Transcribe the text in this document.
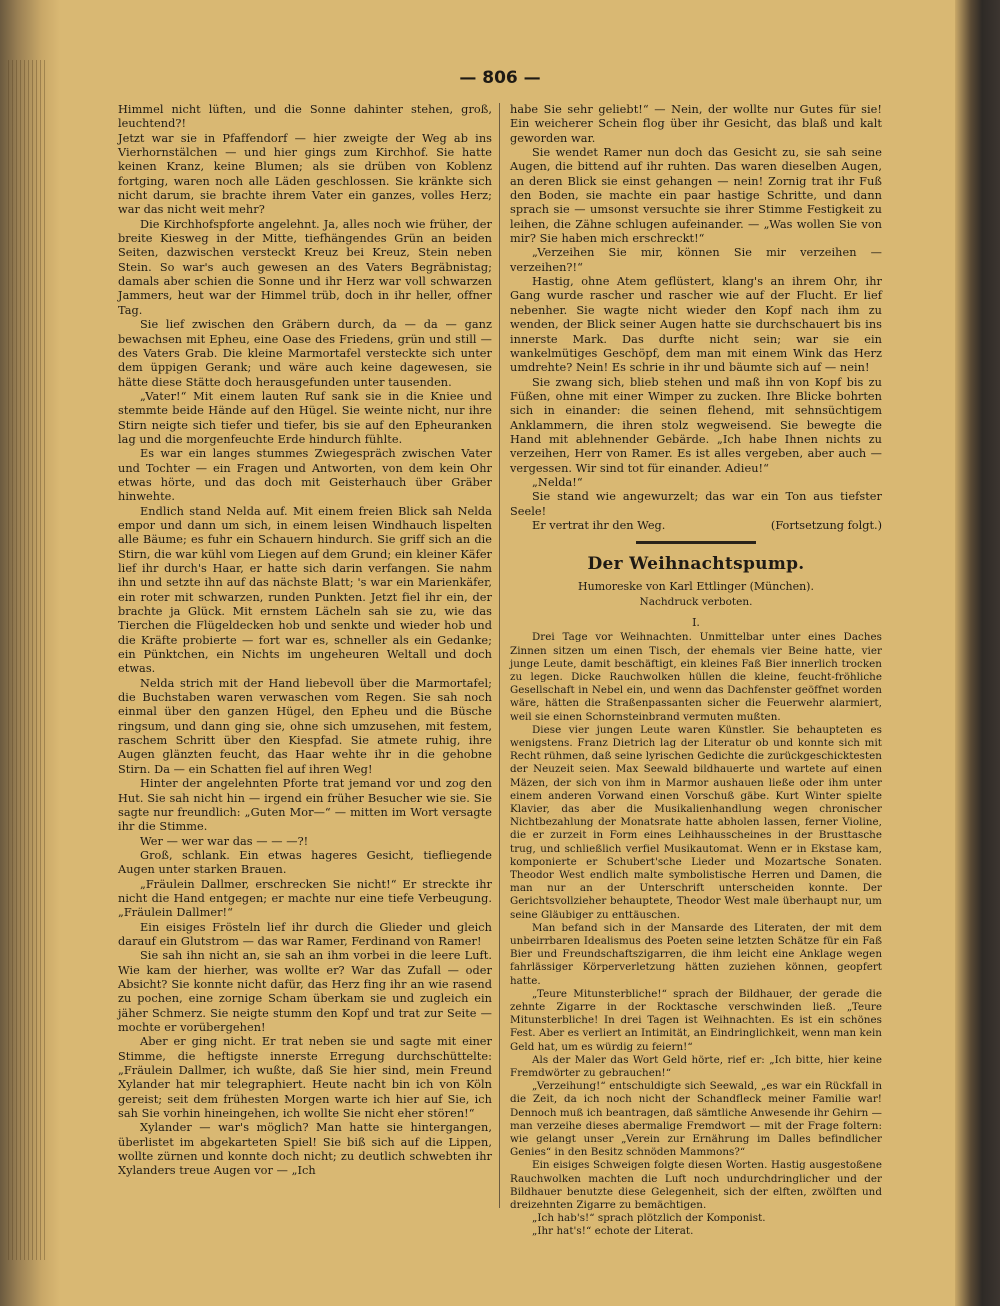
— 806 —

Himmel nicht lüften, und die Sonne dahinter stehen, groß, leuchtend?!

Jetzt war sie in Pfaffendorf — hier zweigte der Weg ab ins Vierhornstälchen — und hier gings zum Kirchhof. Sie hatte keinen Kranz, keine Blumen; als sie drüben von Koblenz fortging, waren noch alle Läden geschlossen. Sie kränkte sich nicht darum, sie brachte ihrem Vater ein ganzes, volles Herz; war das nicht weit mehr?

Die Kirchhofspforte angelehnt. Ja, alles noch wie früher, der breite Kiesweg in der Mitte, tiefhängendes Grün an beiden Seiten, dazwischen versteckt Kreuz bei Kreuz, Stein neben Stein. So war's auch gewesen an des Vaters Begräbnistag; damals aber schien die Sonne und ihr Herz war voll schwarzen Jammers, heut war der Himmel trüb, doch in ihr heller, offner Tag.

Sie lief zwischen den Gräbern durch, da — da — ganz bewachsen mit Epheu, eine Oase des Friedens, grün und still — des Vaters Grab. Die kleine Marmortafel versteckte sich unter dem üppigen Gerank; und wäre auch keine dagewesen, sie hätte diese Stätte doch herausgefunden unter tausenden.

„Vater!“ Mit einem lauten Ruf sank sie in die Kniee und stemmte beide Hände auf den Hügel. Sie weinte nicht, nur ihre Stirn neigte sich tiefer und tiefer, bis sie auf den Epheuranken lag und die morgenfeuchte Erde hindurch fühlte.

Es war ein langes stummes Zwiegespräch zwischen Vater und Tochter — ein Fragen und Antworten, von dem kein Ohr etwas hörte, und das doch mit Geisterhauch über Gräber hinwehte.

Endlich stand Nelda auf. Mit einem freien Blick sah Nelda empor und dann um sich, in einem leisen Windhauch lispelten alle Bäume; es fuhr ein Schauern hindurch. Sie griff sich an die Stirn, die war kühl vom Liegen auf dem Grund; ein kleiner Käfer lief ihr durch's Haar, er hatte sich darin verfangen. Sie nahm ihn und setzte ihn auf das nächste Blatt; 's war ein Marienkäfer, ein roter mit schwarzen, runden Punkten. Jetzt fiel ihr ein, der brachte ja Glück. Mit ernstem Lächeln sah sie zu, wie das Tierchen die Flügeldecken hob und senkte und wieder hob und die Kräfte probierte — fort war es, schneller als ein Gedanke; ein Pünktchen, ein Nichts im ungeheuren Weltall und doch etwas.

Nelda strich mit der Hand liebevoll über die Marmortafel; die Buchstaben waren verwaschen vom Regen. Sie sah noch einmal über den ganzen Hügel, den Epheu und die Büsche ringsum, und dann ging sie, ohne sich umzusehen, mit festem, raschem Schritt über den Kiespfad. Sie atmete ruhig, ihre Augen glänzten feucht, das Haar wehte ihr in die gehobne Stirn. Da — ein Schatten fiel auf ihren Weg!

Hinter der angelehnten Pforte trat jemand vor und zog den Hut. Sie sah nicht hin — irgend ein früher Besucher wie sie. Sie sagte nur freundlich: „Guten Mor—“ — mitten im Wort versagte ihr die Stimme.

Wer — wer war das — — —?!

Groß, schlank. Ein etwas hageres Gesicht, tiefliegende Augen unter starken Brauen.

„Fräulein Dallmer, erschrecken Sie nicht!“ Er streckte ihr nicht die Hand entgegen; er machte nur eine tiefe Verbeugung. „Fräulein Dallmer!“

Ein eisiges Frösteln lief ihr durch die Glieder und gleich darauf ein Glutstrom — das war Ramer, Ferdinand von Ramer!

Sie sah ihn nicht an, sie sah an ihm vorbei in die leere Luft. Wie kam der hierher, was wollte er? War das Zufall — oder Absicht? Sie konnte nicht dafür, das Herz fing ihr an wie rasend zu pochen, eine zornige Scham überkam sie und zugleich ein jäher Schmerz. Sie neigte stumm den Kopf und trat zur Seite — mochte er vorübergehen!

Aber er ging nicht. Er trat neben sie und sagte mit einer Stimme, die heftigste innerste Erregung durchschüttelte: „Fräulein Dallmer, ich wußte, daß Sie hier sind, mein Freund Xylander hat mir telegraphiert. Heute nacht bin ich von Köln gereist; seit dem frühesten Morgen warte ich hier auf Sie, ich sah Sie vorhin hineingehen, ich wollte Sie nicht eher stören!“

Xylander — war's möglich? Man hatte sie hintergangen, überlistet im abgekarteten Spiel! Sie biß sich auf die Lippen, wollte zürnen und konnte doch nicht; zu deutlich schwebten ihr Xylanders treue Augen vor — „Ich

habe Sie sehr geliebt!“ — Nein, der wollte nur Gutes für sie! Ein weicherer Schein flog über ihr Gesicht, das blaß und kalt geworden war.

Sie wendet Ramer nun doch das Gesicht zu, sie sah seine Augen, die bittend auf ihr ruhten. Das waren dieselben Augen, an deren Blick sie einst gehangen — nein! Zornig trat ihr Fuß den Boden, sie machte ein paar hastige Schritte, und dann sprach sie — umsonst versuchte sie ihrer Stimme Festigkeit zu leihen, die Zähne schlugen aufeinander. — „Was wollen Sie von mir? Sie haben mich erschreckt!“

„Verzeihen Sie mir, können Sie mir verzeihen — verzeihen?!“

Hastig, ohne Atem geflüstert, klang's an ihrem Ohr, ihr Gang wurde rascher und rascher wie auf der Flucht. Er lief nebenher. Sie wagte nicht wieder den Kopf nach ihm zu wenden, der Blick seiner Augen hatte sie durchschauert bis ins innerste Mark. Das durfte nicht sein; war sie ein wankelmütiges Geschöpf, dem man mit einem Wink das Herz umdrehte? Nein! Es schrie in ihr und bäumte sich auf — nein!

Sie zwang sich, blieb stehen und maß ihn von Kopf bis zu Füßen, ohne mit einer Wimper zu zucken. Ihre Blicke bohrten sich in einander: die seinen flehend, mit sehnsüchtigem Anklammern, die ihren stolz wegweisend. Sie bewegte die Hand mit ablehnender Gebärde. „Ich habe Ihnen nichts zu verzeihen, Herr von Ramer. Es ist alles vergeben, aber auch — vergessen. Wir sind tot für einander. Adieu!“

„Nelda!“

Sie stand wie angewurzelt; das war ein Ton aus tiefster Seele!

Er vertrat ihr den Weg.	(Fortsetzung folgt.)
Der Weihnachtspump.
Humoreske von Karl Ettlinger (München).
Nachdruck verboten.
I.

Drei Tage vor Weihnachten. Unmittelbar unter eines Daches Zinnen sitzen um einen Tisch, der ehemals vier Beine hatte, vier junge Leute, damit beschäftigt, ein kleines Faß Bier innerlich trocken zu legen. Dicke Rauchwolken hüllen die kleine, feucht-fröhliche Gesellschaft in Nebel ein, und wenn das Dachfenster geöffnet worden wäre, hätten die Straßenpassanten sicher die Feuerwehr alarmiert, weil sie einen Schornsteinbrand vermuten mußten.

Diese vier jungen Leute waren Künstler. Sie behaupteten es wenigstens. Franz Dietrich lag der Literatur ob und konnte sich mit Recht rühmen, daß seine lyrischen Gedichte die zurückgeschicktesten der Neuzeit seien. Max Seewald bildhauerte und wartete auf einen Mäzen, der sich von ihm in Marmor aushauen ließe oder ihm unter einem anderen Vorwand einen Vorschuß gäbe. Kurt Winter spielte Klavier, das aber die Musikalienhandlung wegen chronischer Nichtbezahlung der Monatsrate hatte abholen lassen, ferner Violine, die er zurzeit in Form eines Leihhausscheines in der Brusttasche trug, und schließlich verfiel Musikautomat. Wenn er in Ekstase kam, komponierte er Schubert'sche Lieder und Mozartsche Sonaten. Theodor West endlich malte symbolistische Herren und Damen, die man nur an der Unterschrift unterscheiden konnte. Der Gerichtsvollzieher behauptete, Theodor West male überhaupt nur, um seine Gläubiger zu enttäuschen.

Man befand sich in der Mansarde des Literaten, der mit dem unbeirrbaren Idealismus des Poeten seine letzten Schätze für ein Faß Bier und Freundschaftszigarren, die ihm leicht eine Anklage wegen fahrlässiger Körperverletzung hätten zuziehen können, geopfert hatte.

„Teure Mitunsterbliche!“ sprach der Bildhauer, der gerade die zehnte Zigarre in der Rocktasche verschwinden ließ. „Teure Mitunsterbliche! In drei Tagen ist Weihnachten. Es ist ein schönes Fest. Aber es verliert an Intimität, an Eindringlichkeit, wenn man kein Geld hat, um es würdig zu feiern!“

Als der Maler das Wort Geld hörte, rief er: „Ich bitte, hier keine Fremdwörter zu gebrauchen!“

„Verzeihung!“ entschuldigte sich Seewald, „es war ein Rückfall in die Zeit, da ich noch nicht der Schandfleck meiner Familie war! Dennoch muß ich beantragen, daß sämtliche Anwesende ihr Gehirn — man verzeihe dieses abermalige Fremdwort — mit der Frage foltern: wie gelangt unser „Verein zur Ernährung im Dalles befindlicher Genies“ in den Besitz schnöden Mammons?“

Ein eisiges Schweigen folgte diesen Worten. Hastig ausgestoßene Rauchwolken machten die Luft noch undurchdringlicher und der Bildhauer benutzte diese Gelegenheit, sich der elften, zwölften und dreizehnten Zigarre zu bemächtigen.

„Ich hab's!“ sprach plötzlich der Komponist.

„Ihr hat's!“ echote der Literat.
